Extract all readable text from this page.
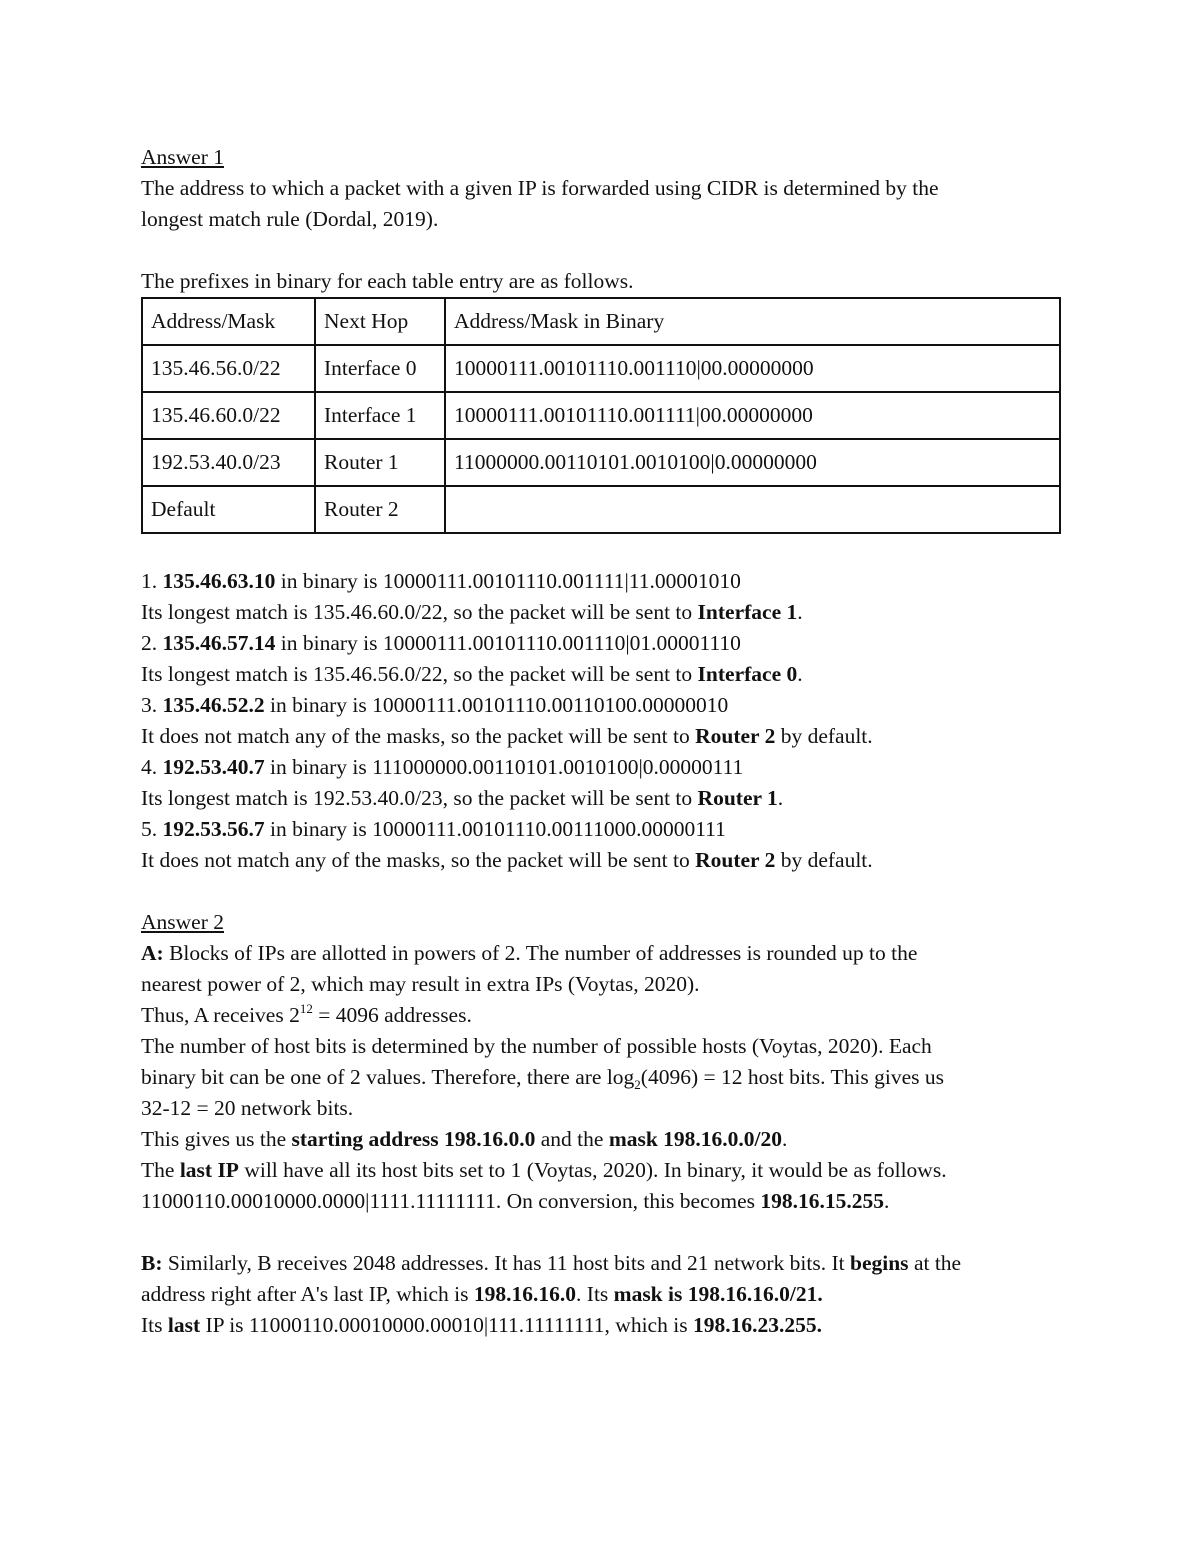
Answer 1
The address to which a packet with a given IP is forwarded using CIDR is determined by the
longest match rule (Dordal, 2019).
The prefixes in binary for each table entry are as follows.
Address/Mask	Next Hop	Address/Mask in Binary
135.46.56.0/22	Interface 0	10000111.00101110.001110|00.00000000
135.46.60.0/22	Interface 1	10000111.00101110.001111|00.00000000
192.53.40.0/23	Router 1	11000000.00110101.0010100|0.00000000
Default	Router 2	
1. 135.46.63.10 in binary is 10000111.00101110.001111|11.00001010
Its longest match is 135.46.60.0/22, so the packet will be sent to Interface 1.
2. 135.46.57.14 in binary is 10000111.00101110.001110|01.00001110
Its longest match is 135.46.56.0/22, so the packet will be sent to Interface 0.
3. 135.46.52.2 in binary is 10000111.00101110.00110100.00000010
It does not match any of the masks, so the packet will be sent to Router 2 by default.
4. 192.53.40.7 in binary is 111000000.00110101.0010100|0.00000111
Its longest match is 192.53.40.0/23, so the packet will be sent to Router 1.
5. 192.53.56.7 in binary is 10000111.00101110.00111000.00000111
It does not match any of the masks, so the packet will be sent to Router 2 by default.
Answer 2
A: Blocks of IPs are allotted in powers of 2. The number of addresses is rounded up to the
nearest power of 2, which may result in extra IPs (Voytas, 2020).
Thus, A receives $2^{12} = 4096$ addresses.
The number of host bits is determined by the number of possible hosts (Voytas, 2020). Each
binary bit can be one of 2 values. Therefore, there are $\log_2(4096) = 12$ host bits. This gives us
32-12 = 20 network bits.
This gives us the starting address 198.16.0.0 and the mask 198.16.0.0/20.
The last IP will have all its host bits set to 1 (Voytas, 2020). In binary, it would be as follows.
11000110.00010000.0000|1111.11111111. On conversion, this becomes 198.16.15.255.
B: Similarly, B receives 2048 addresses. It has 11 host bits and 21 network bits. It begins at the
address right after A's last IP, which is 198.16.16.0. Its mask is 198.16.16.0/21.
Its last IP is 11000110.00010000.00010|111.11111111, which is 198.16.23.255.
